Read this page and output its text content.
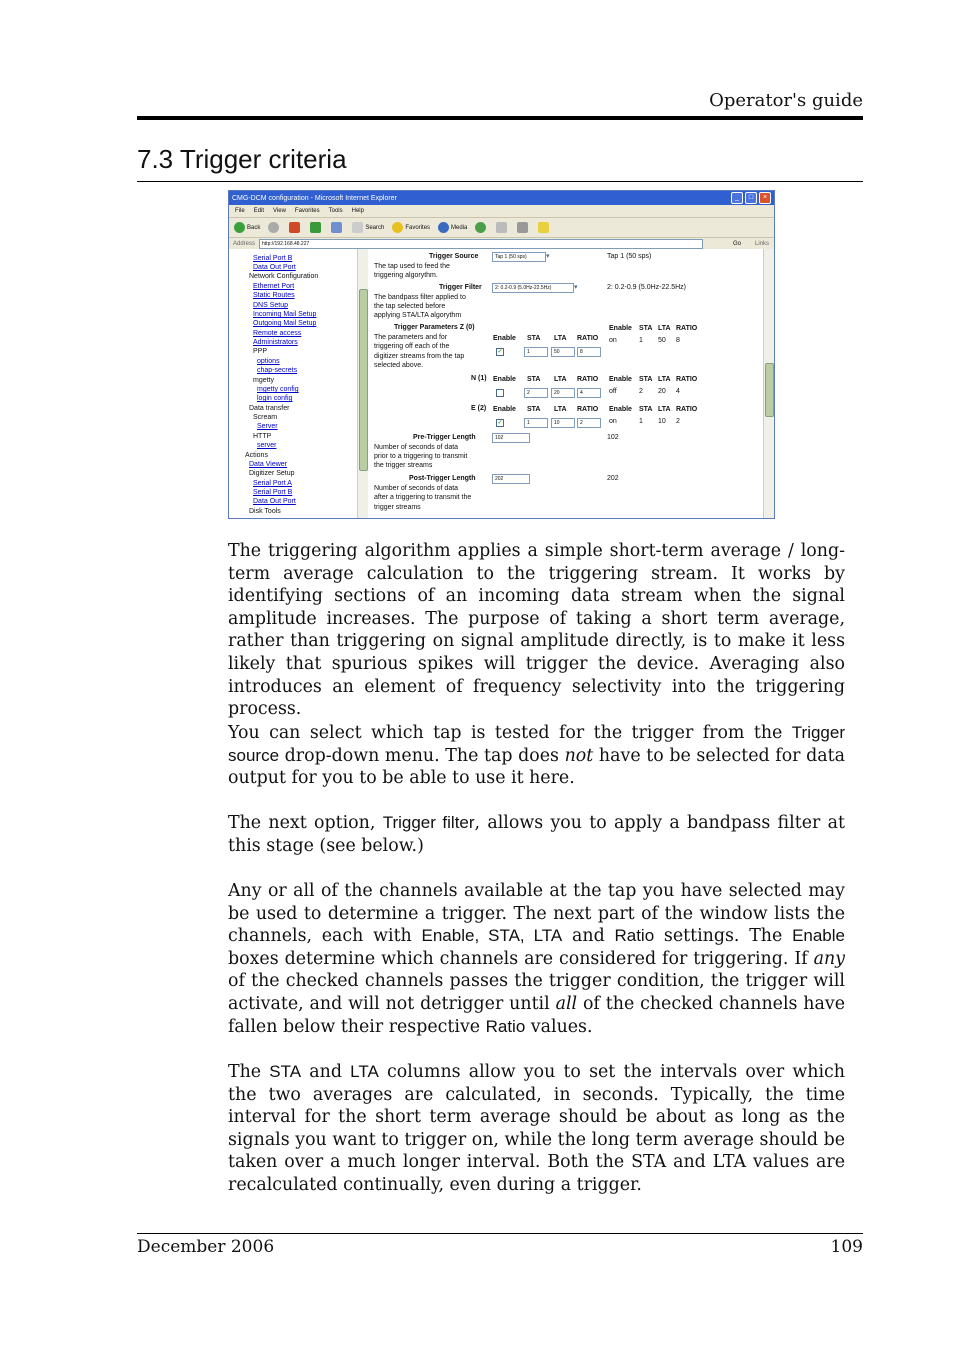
Operator's guide
7.3 Trigger criteria
CMG-DCM configuration - Microsoft Internet Explorer	_	□	×
File Edit View Favorites Tools Help
Back	Search	Favorites	Media
Address	http://192.168.48.227	Go Links
Serial Port B
Data Out Port
Network Configuration
Ethernet Port
Static Routes
DNS Setup
Incoming Mail Setup
Outgoing Mail Setup
Remote access
Administrators
PPP
options
chap-secrets
mgetty
mgetty config
login config
Data transfer
Scream
Server
HTTP
server
Actions
Data Viewer
Digitizer Setup
Serial Port A
Serial Port B
Data Out Port
Disk Tools
Trigger Source
The tap used to feed the
triggering algorythm.
Tap 1 (50 sps)	▾	Tap 1 (50 sps)
Trigger Filter
The bandpass filter applied to
the tap selected before
applying STA/LTA algorythm
2: 0.2-0.9 (5.0Hz-22.5Hz)	▾	2: 0.2-0.9 (5.0Hz-22.5Hz)
Trigger Parameters Z (0)
The parameters and for
triggering off each of the
digitizer streams from the tap
selected above.
Enable STA LTA RATIO
Enable STA LTA RATIO
✓	1	50	8
on	1 50 8
N (1) Enable STA LTA RATIO Enable STA LTA RATIO
2	20	4	off	2 20 4
E (2) Enable STA LTA RATIO Enable STA LTA RATIO
✓	1	10	2	on	1 10 2
Pre-Trigger Length
Number of seconds of data
prior to a triggering to transmit
the trigger streams
102	102
Post-Trigger Length
Number of seconds of data
after a triggering to transmit the
trigger streams
202	202

The triggering algorithm applies a simple short-term average / long-term average calculation to the triggering stream. It works by identifying sections of an incoming data stream when the signal amplitude increases. The purpose of taking a short term average, rather than triggering on signal amplitude directly, is to make it less likely that spurious spikes will trigger the device. Averaging also introduces an element of frequency selectivity into the triggering process.

You can select which tap is tested for the trigger from the Trigger source drop-down menu. The tap does not have to be selected for data output for you to be able to use it here.

The next option, Trigger filter, allows you to apply a bandpass filter at this stage (see below.)

Any or all of the channels available at the tap you have selected may be used to determine a trigger. The next part of the window lists the channels, each with Enable, STA, LTA and Ratio settings. The Enable boxes determine which channels are considered for triggering. If any of the checked channels passes the trigger condition, the trigger will activate, and will not detrigger until all of the checked channels have fallen below their respective Ratio values.

The STA and LTA columns allow you to set the intervals over which the two averages are calculated, in seconds. Typically, the time interval for the short term average should be about as long as the signals you want to trigger on, while the long term average should be taken over a much longer interval. Both the STA and LTA values are recalculated continually, even during a trigger.

December 2006	109
